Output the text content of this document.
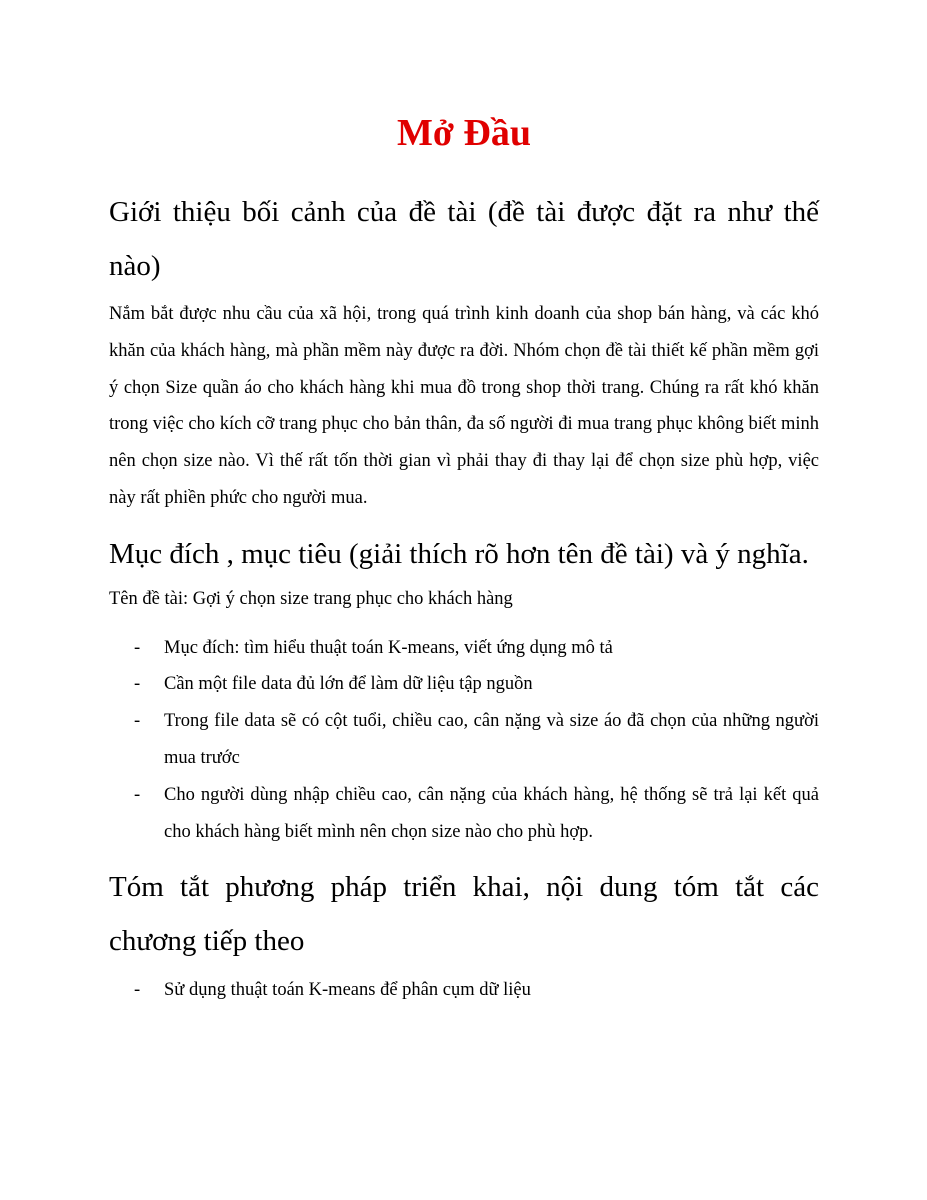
Mở Đầu
Giới thiệu bối cảnh của đề tài (đề tài được đặt ra như thế nào)

Nắm bắt được nhu cầu của xã hội, trong quá trình kinh doanh của shop bán hàng, và các khó khăn của khách hàng, mà phần mềm này được ra đời. Nhóm chọn đề tài thiết kế phần mềm gợi ý chọn Size quần áo cho khách hàng khi mua đồ trong shop thời trang. Chúng ra rất khó khăn trong việc cho kích cỡ trang phục cho bản thân, đa số người đi mua trang phục không biết minh nên chọn size nào. Vì thế rất tốn thời gian vì phải thay đi thay lại để chọn size phù hợp, việc này rất phiền phức cho người mua.

Mục đích , mục tiêu (giải thích rõ hơn tên đề tài) và ý nghĩa.

Tên đề tài: Gợi ý chọn size trang phục cho khách hàng

- Mục đích: tìm hiểu thuật toán K-means, viết ứng dụng mô tả
- Cần một file data đủ lớn để làm dữ liệu tập nguồn
- Trong file data sẽ có cột tuổi, chiều cao, cân nặng và size áo đã chọn của những người mua trước
- Cho người dùng nhập chiều cao, cân nặng của khách hàng, hệ thống sẽ trả lại kết quả cho khách hàng biết mình nên chọn size nào cho phù hợp.
Tóm tắt phương pháp triển khai, nội dung tóm tắt các chương tiếp theo
- Sử dụng thuật toán K-means để phân cụm dữ liệu
